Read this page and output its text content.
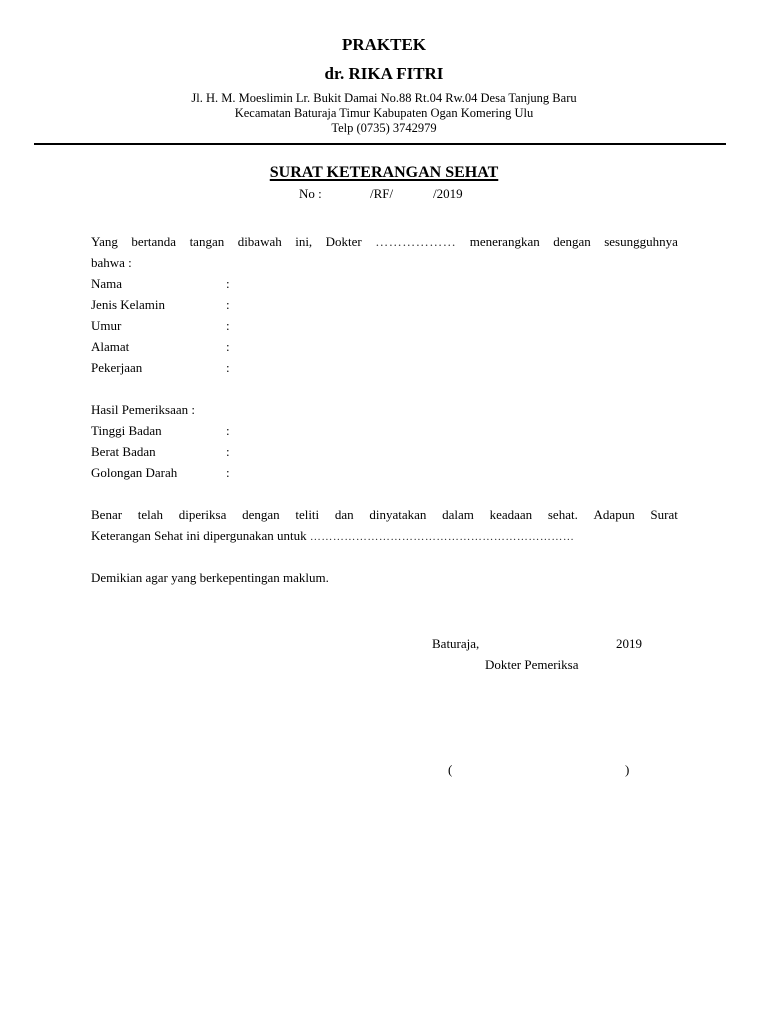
PRAKTEK
dr. RIKA FITRI
Jl. H. M. Moeslimin Lr. Bukit Damai No.88 Rt.04 Rw.04 Desa Tanjung Baru
Kecamatan Baturaja Timur Kabupaten Ogan Komering Ulu
Telp (0735) 3742979
SURAT KETERANGAN SEHAT
No :	/RF/	/2019
Yang bertanda tangan dibawah ini, Dokter ……………… menerangkan dengan sesungguhnya
bahwa :
Nama	:
Jenis Kelamin	:
Umur	:
Alamat	:
Pekerjaan	:
Hasil Pemeriksaan :
Tinggi Badan	:
Berat Badan	:
Golongan Darah	:
Benar telah diperiksa dengan teliti dan dinyatakan dalam keadaan sehat. Adapun Surat
Keterangan Sehat ini dipergunakan untuk ……………………………………………………………
Demikian agar yang berkepentingan maklum.
Baturaja,	2019
Dokter Pemeriksa
(	)
